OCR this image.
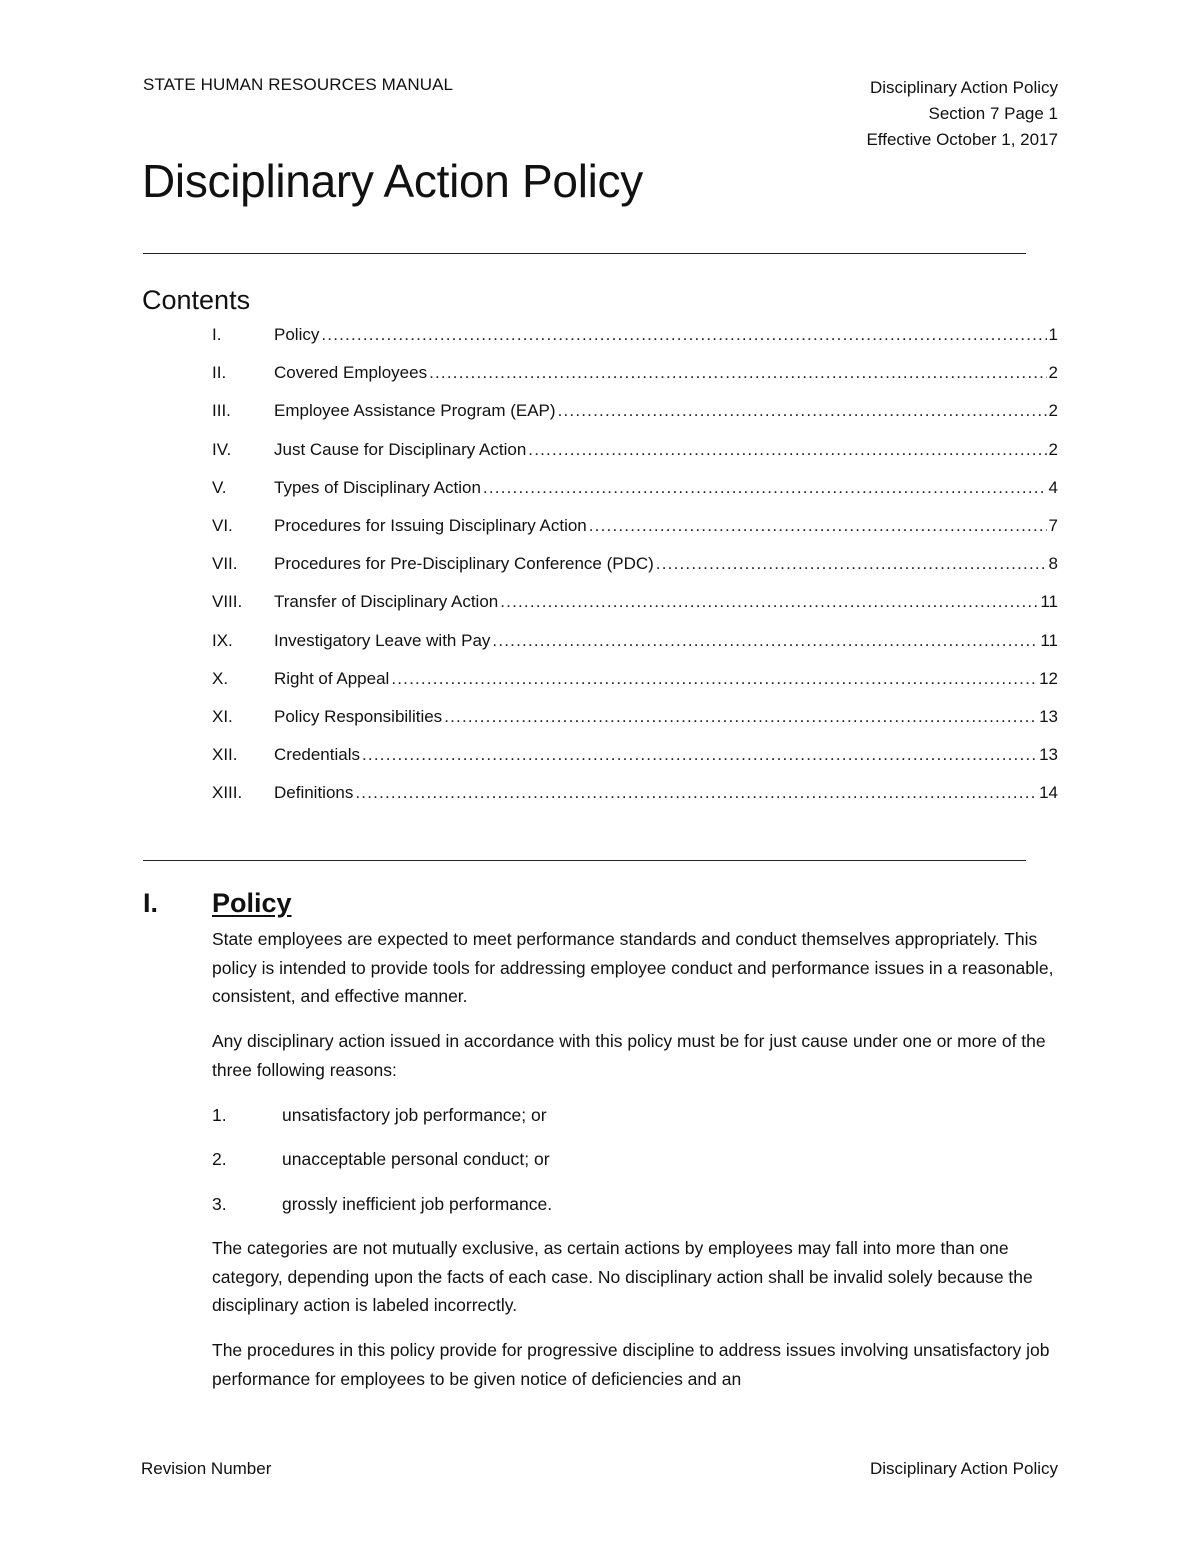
STATE HUMAN RESOURCES MANUAL	Disciplinary Action Policy
Section 7 Page 1
Effective October 1, 2017
Disciplinary Action Policy
Contents
I.	Policy .....	1
II.	Covered Employees .....	2
III.	Employee Assistance Program (EAP) .....	2
IV.	Just Cause for Disciplinary Action .....	2
V.	Types of Disciplinary Action .....	4
VI.	Procedures for Issuing Disciplinary Action .....	7
VII.	Procedures for Pre-Disciplinary Conference (PDC) .....	8
VIII.	Transfer of Disciplinary Action .....	11
IX.	Investigatory Leave with Pay .....	11
X.	Right of Appeal .....	12
XI.	Policy Responsibilities .....	13
XII.	Credentials .....	13
XIII.	Definitions .....	14
I.	Policy

State employees are expected to meet performance standards and conduct themselves appropriately. This policy is intended to provide tools for addressing employee conduct and performance issues in a reasonable, consistent, and effective manner.

Any disciplinary action issued in accordance with this policy must be for just cause under one or more of the three following reasons:

1.	unsatisfactory job performance; or
2.	unacceptable personal conduct; or
3.	grossly inefficient job performance.

The categories are not mutually exclusive, as certain actions by employees may fall into more than one category, depending upon the facts of each case. No disciplinary action shall be invalid solely because the disciplinary action is labeled incorrectly.

The procedures in this policy provide for progressive discipline to address issues involving unsatisfactory job performance for employees to be given notice of deficiencies and an

Revision Number	Disciplinary Action Policy
